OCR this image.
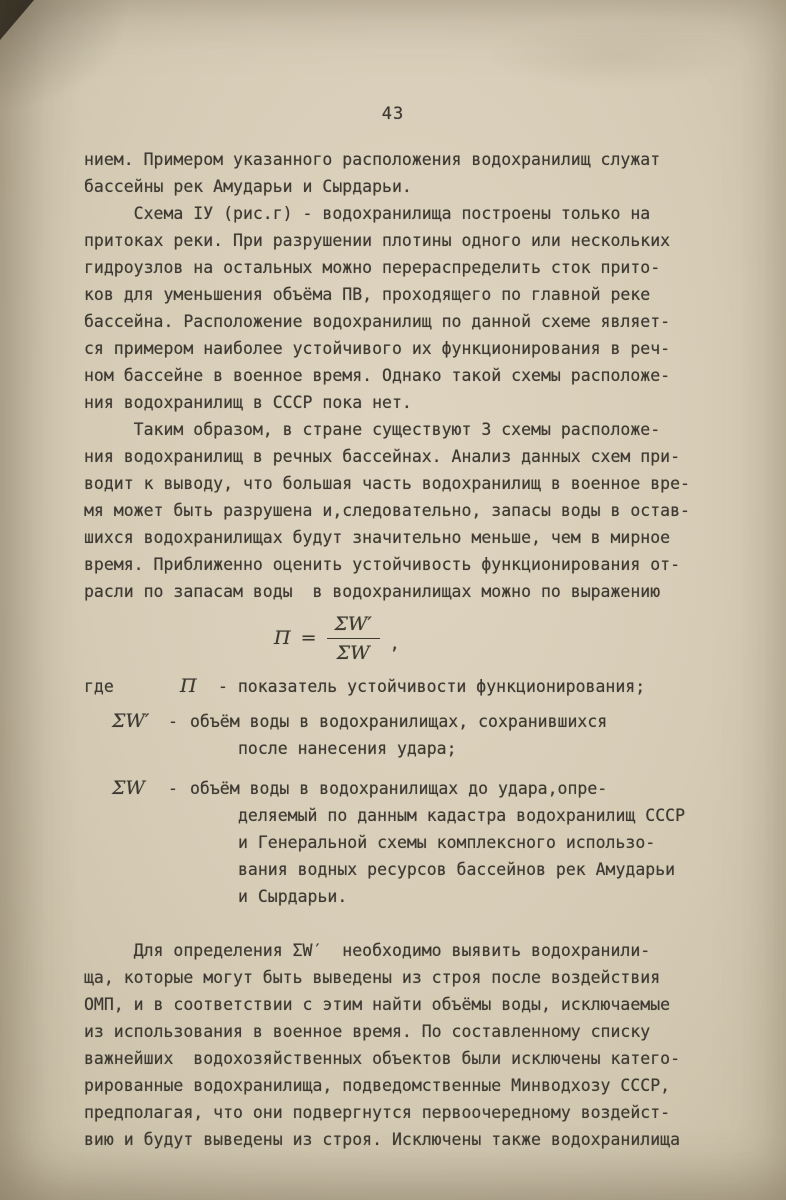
43
нием. Примером указанного расположения водохранилищ служат
бассейны рек Амударьи и Сырдарьи.
Схема IУ (рис.г) - водохранилища построены только на
притоках реки. При разрушении плотины одного или нескольких
гидроузлов на остальных можно перераспределить сток прито-
ков для уменьшения объёма ПВ, проходящего по главной реке
бассейна. Расположение водохранилищ по данной схеме являет-
ся примером наиболее устойчивого их функционирования в реч-
ном бассейне в военное время. Однако такой схемы расположе-
ния водохранилищ в СССР пока нет.
Таким образом, в стране существуют 3 схемы расположе-
ния водохранилищ в речных бассейнах. Анализ данных схем при-
водит к выводу, что большая часть водохранилищ в военное вре-
мя может быть разрушена и,следовательно, запасы воды в остав-
шихся водохранилищах будут значительно меньше, чем в мирное
время. Приближенно оценить устойчивость функционирования от-
расли по запасам воды  в водохранилищах можно по выражению
$П = \frac{\Sigma W'}{\Sigma W}$ ,
где	П	- показатель устойчивости функционирования;
ΣW′	- объём воды в водохранилищах, сохранившихся
после нанесения удара;
ΣW	- объём воды в водохранилищах до удара,опре-
деляемый по данным кадастра водохранилищ СССР
и Генеральной схемы комплексного использо-
вания водных ресурсов бассейнов рек Амударьи
и Сырдарьи.
Для определения ΣW′  необходимо выявить водохранили-
ща, которые могут быть выведены из строя после воздействия
ОМП, и в соответствии с этим найти объёмы воды, исключаемые
из использования в военное время. По составленному списку
важнейших  водохозяйственных объектов были исключены катего-
рированные водохранилища, подведомственные Минводхозу СССР,
предполагая, что они подвергнутся первоочередному воздейст-
вию и будут выведены из строя. Исключены также водохранилища
